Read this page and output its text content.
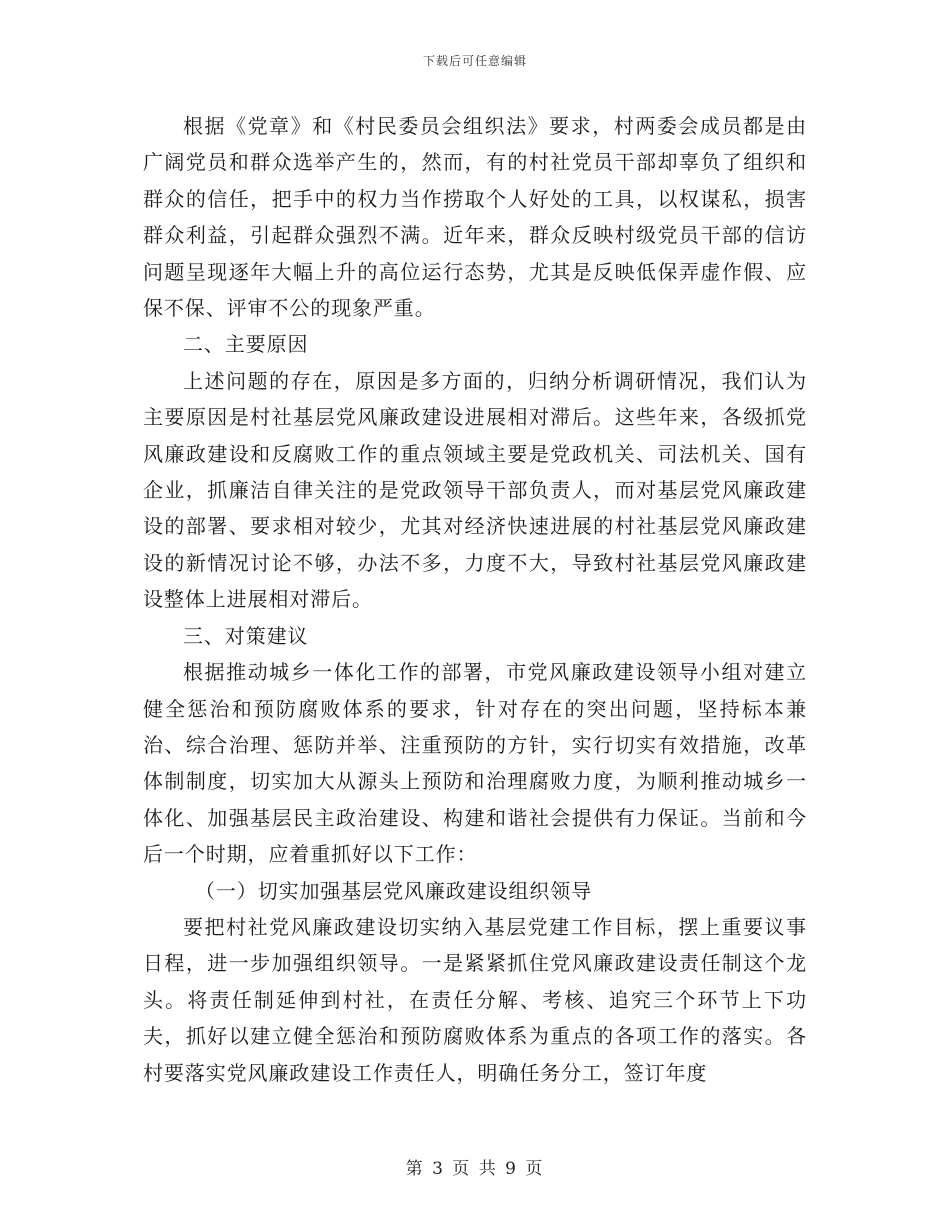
下载后可任意编辑

根据《党章》和《村民委员会组织法》要求，村两委会成员都是由广阔党员和群众选举产生的，然而，有的村社党员干部却辜负了组织和群众的信任，把手中的权力当作捞取个人好处的工具，以权谋私，损害群众利益，引起群众强烈不满。近年来，群众反映村级党员干部的信访问题呈现逐年大幅上升的高位运行态势，尤其是反映低保弄虚作假、应保不保、评审不公的现象严重。

二、主要原因

上述问题的存在，原因是多方面的，归纳分析调研情况，我们认为主要原因是村社基层党风廉政建设进展相对滞后。这些年来，各级抓党风廉政建设和反腐败工作的重点领域主要是党政机关、司法机关、国有企业，抓廉洁自律关注的是党政领导干部负责人，而对基层党风廉政建设的部署、要求相对较少，尤其对经济快速进展的村社基层党风廉政建设的新情况讨论不够，办法不多，力度不大，导致村社基层党风廉政建设整体上进展相对滞后。

三、对策建议

根据推动城乡一体化工作的部署，市党风廉政建设领导小组对建立健全惩治和预防腐败体系的要求，针对存在的突出问题，坚持标本兼治、综合治理、惩防并举、注重预防的方针，实行切实有效措施，改革体制制度，切实加大从源头上预防和治理腐败力度，为顺利推动城乡一体化、加强基层民主政治建设、构建和谐社会提供有力保证。当前和今后一个时期，应着重抓好以下工作：

（一）切实加强基层党风廉政建设组织领导

要把村社党风廉政建设切实纳入基层党建工作目标，摆上重要议事日程，进一步加强组织领导。一是紧紧抓住党风廉政建设责任制这个龙头。将责任制延伸到村社，在责任分解、考核、追究三个环节上下功夫，抓好以建立健全惩治和预防腐败体系为重点的各项工作的落实。各村要落实党风廉政建设工作责任人，明确任务分工，签订年度

第 3 页 共 9 页
